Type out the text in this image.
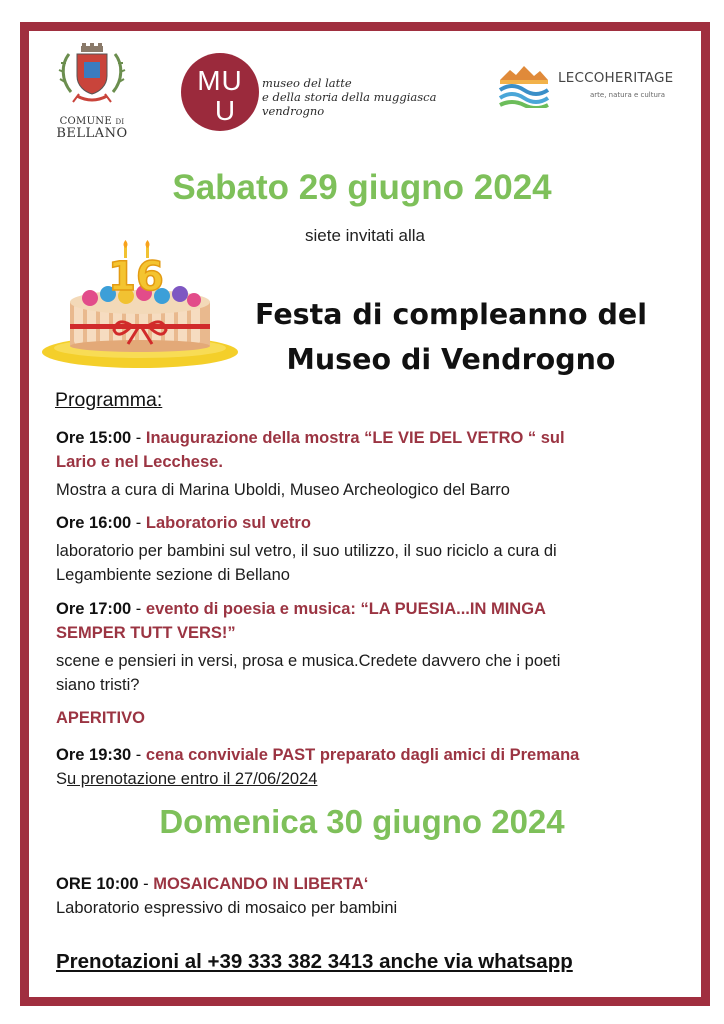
COMUNE DI
BELLANO
MU
U
museo del latte
e della storia della muggiasca
vendrogno
LECCOHERITAGE
arte, natura e cultura
Sabato 29 giugno 2024
siete invitati alla
16
Festa di compleanno del
Museo di Vendrogno
Programma:
Ore 15:00 - Inaugurazione della mostra “LE VIE DEL VETRO “ sul
Lario e nel Lecchese.
Mostra a cura di Marina Uboldi, Museo Archeologico del Barro
Ore 16:00 - Laboratorio sul vetro
laboratorio per bambini sul vetro, il suo utilizzo, il suo riciclo a cura di
Legambiente sezione di Bellano
Ore 17:00 - evento di poesia e musica: “LA PUESIA...IN MINGA
SEMPER TUTT VERS!”
scene e pensieri in versi, prosa e musica.Credete davvero che i poeti
siano tristi?
APERITIVO
Ore 19:30 - cena conviviale PAST preparato dagli amici di Premana
Su prenotazione entro il 27/06/2024
Domenica 30 giugno 2024
ORE 10:00 - MOSAICANDO IN LIBERTA‘
Laboratorio espressivo di mosaico per bambini
Prenotazioni al +39 333 382 3413 anche via whatsapp
